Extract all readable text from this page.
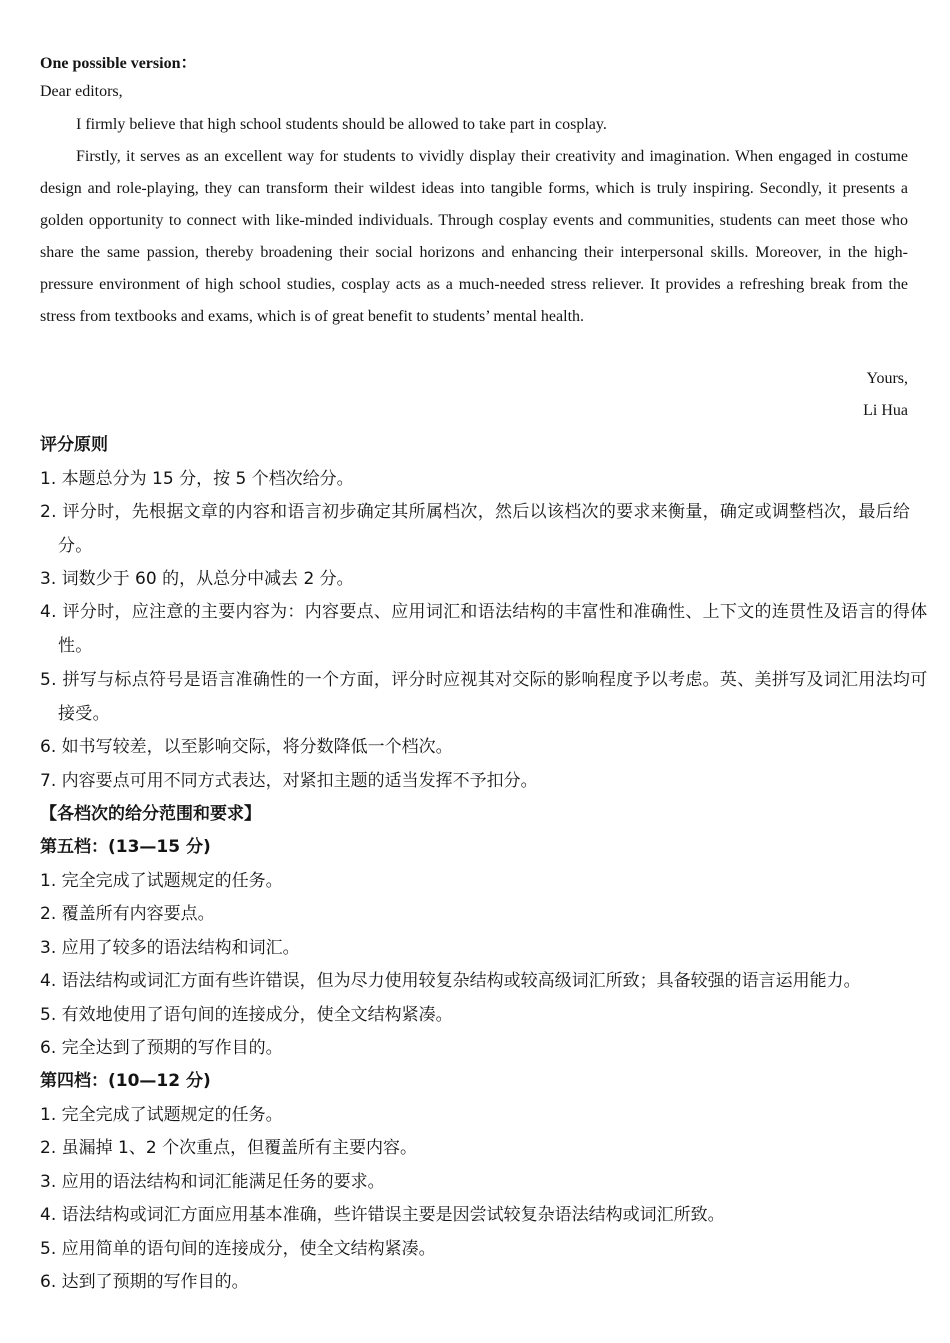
One possible version：

Dear editors,

I firmly believe that high school students should be allowed to take part in cosplay.

Firstly, it serves as an excellent way for students to vividly display their creativity and imagination. When engaged in costume design and role-playing, they can transform their wildest ideas into tangible forms, which is truly inspiring. Secondly, it presents a golden opportunity to connect with like-minded individuals. Through cosplay events and communities, students can meet those who share the same passion, thereby broadening their social horizons and enhancing their interpersonal skills. Moreover, in the high-pressure environment of high school studies, cosplay acts as a much-needed stress reliever. It provides a refreshing break from the stress from textbooks and exams, which is of great benefit to students’ mental health.

Yours,

Li Hua

评分原则

1. 本题总分为 15 分，按 5 个档次给分。

2. 评分时，先根据文章的内容和语言初步确定其所属档次，然后以该档次的要求来衡量，确定或调整档次，最后给分。

3. 词数少于 60 的，从总分中减去 2 分。

4. 评分时，应注意的主要内容为：内容要点、应用词汇和语法结构的丰富性和准确性、上下文的连贯性及语言的得体性。

5. 拼写与标点符号是语言准确性的一个方面，评分时应视其对交际的影响程度予以考虑。英、美拼写及词汇用法均可接受。

6. 如书写较差，以至影响交际，将分数降低一个档次。

7. 内容要点可用不同方式表达，对紧扣主题的适当发挥不予扣分。

【各档次的给分范围和要求】

第五档：(13—15 分)

1. 完全完成了试题规定的任务。

2. 覆盖所有内容要点。

3. 应用了较多的语法结构和词汇。

4. 语法结构或词汇方面有些许错误，但为尽力使用较复杂结构或较高级词汇所致；具备较强的语言运用能力。

5. 有效地使用了语句间的连接成分，使全文结构紧凑。

6. 完全达到了预期的写作目的。

第四档：(10—12 分)

1. 完全完成了试题规定的任务。

2. 虽漏掉 1、2 个次重点，但覆盖所有主要内容。

3. 应用的语法结构和词汇能满足任务的要求。

4. 语法结构或词汇方面应用基本准确，些许错误主要是因尝试较复杂语法结构或词汇所致。

5. 应用简单的语句间的连接成分，使全文结构紧凑。

6. 达到了预期的写作目的。
